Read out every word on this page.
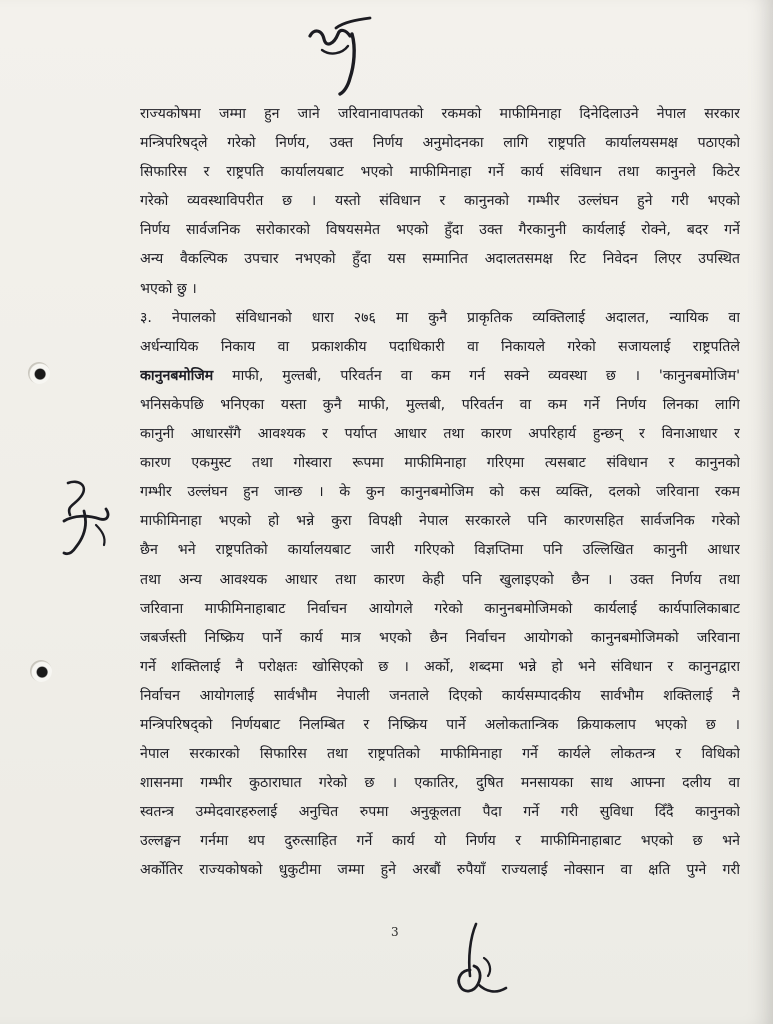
राज्यकोषमा जम्मा हुन जाने जरिवानावापतको रकमको माफीमिनाहा दिनेदिलाउने नेपाल सरकार
मन्त्रिपरिषद्ले गरेको निर्णय, उक्त निर्णय अनुमोदनका लागि राष्ट्रपति कार्यालयसमक्ष पठाएको
सिफारिस र राष्ट्रपति कार्यालयबाट भएको माफीमिनाहा गर्ने कार्य संविधान तथा कानुनले किटेर
गरेको व्यवस्थाविपरीत छ । यस्तो संविधान र कानुनको गम्भीर उल्लंघन हुने गरी भएको
निर्णय सार्वजनिक सरोकारको विषयसमेत भएको हुँदा उक्त गैरकानुनी कार्यलाई रोक्ने, बदर गर्ने
अन्य वैकल्पिक उपचार नभएको हुँदा यस सम्मानित अदालतसमक्ष रिट निवेदन लिएर उपस्थित
भएको छु ।
३. नेपालको संविधानको धारा २७६ मा कुनै प्राकृतिक व्यक्तिलाई अदालत, न्यायिक वा
अर्धन्यायिक निकाय वा प्रकाशकीय पदाधिकारी वा निकायले गरेको सजायलाई राष्ट्रपतिले
कानुनबमोजिम माफी, मुल्तबी, परिवर्तन वा कम गर्न सक्ने व्यवस्था छ । 'कानुनबमोजिम'
भनिसकेपछि भनिएका यस्ता कुनै माफी, मुल्तबी, परिवर्तन वा कम गर्ने निर्णय लिनका लागि
कानुनी आधारसँगै आवश्यक र पर्याप्त आधार तथा कारण अपरिहार्य हुन्छन् र विनाआधार र
कारण एकमुस्ट तथा गोस्वारा रूपमा माफीमिनाहा गरिएमा त्यसबाट संविधान र कानुनको
गम्भीर उल्लंघन हुन जान्छ । के कुन कानुनबमोजिम को कस व्यक्ति, दलको जरिवाना रकम
माफीमिनाहा भएको हो भन्ने कुरा विपक्षी नेपाल सरकारले पनि कारणसहित सार्वजनिक गरेको
छैन भने राष्ट्रपतिको कार्यालयबाट जारी गरिएको विज्ञप्तिमा पनि उल्लिखित कानुनी आधार
तथा अन्य आवश्यक आधार तथा कारण केही पनि खुलाइएको छैन । उक्त निर्णय तथा
जरिवाना माफीमिनाहाबाट निर्वाचन आयोगले गरेको कानुनबमोजिमको कार्यलाई कार्यपालिकाबाट
जबर्जस्ती निष्क्रिय पार्ने कार्य मात्र भएको छैन निर्वाचन आयोगको कानुनबमोजिमको जरिवाना
गर्ने शक्तिलाई नै परोक्षतः खोसिएको छ । अर्को, शब्दमा भन्ने हो भने संविधान र कानुनद्वारा
निर्वाचन आयोगलाई सार्वभौम नेपाली जनताले दिएको कार्यसम्पादकीय सार्वभौम शक्तिलाई नै
मन्त्रिपरिषद्को निर्णयबाट निलम्बित र निष्क्रिय पार्ने अलोकतान्त्रिक क्रियाकलाप भएको छ ।
नेपाल सरकारको सिफारिस तथा राष्ट्रपतिको माफीमिनाहा गर्ने कार्यले लोकतन्त्र र विधिको
शासनमा गम्भीर कुठाराघात गरेको छ । एकातिर, दुषित मनसायका साथ आफ्ना दलीय वा
स्वतन्त्र उम्मेदवारहरुलाई अनुचित रुपमा अनुकूलता पैदा गर्ने गरी सुविधा दिँदै कानुनको
उल्लङ्घन गर्नमा थप दुरुत्साहित गर्ने कार्य यो निर्णय र माफीमिनाहाबाट भएको छ भने
अर्कोतिर राज्यकोषको धुकुटीमा जम्मा हुने अरबौं रुपैयाँ राज्यलाई नोक्सान वा क्षति पुग्ने गरी
3
